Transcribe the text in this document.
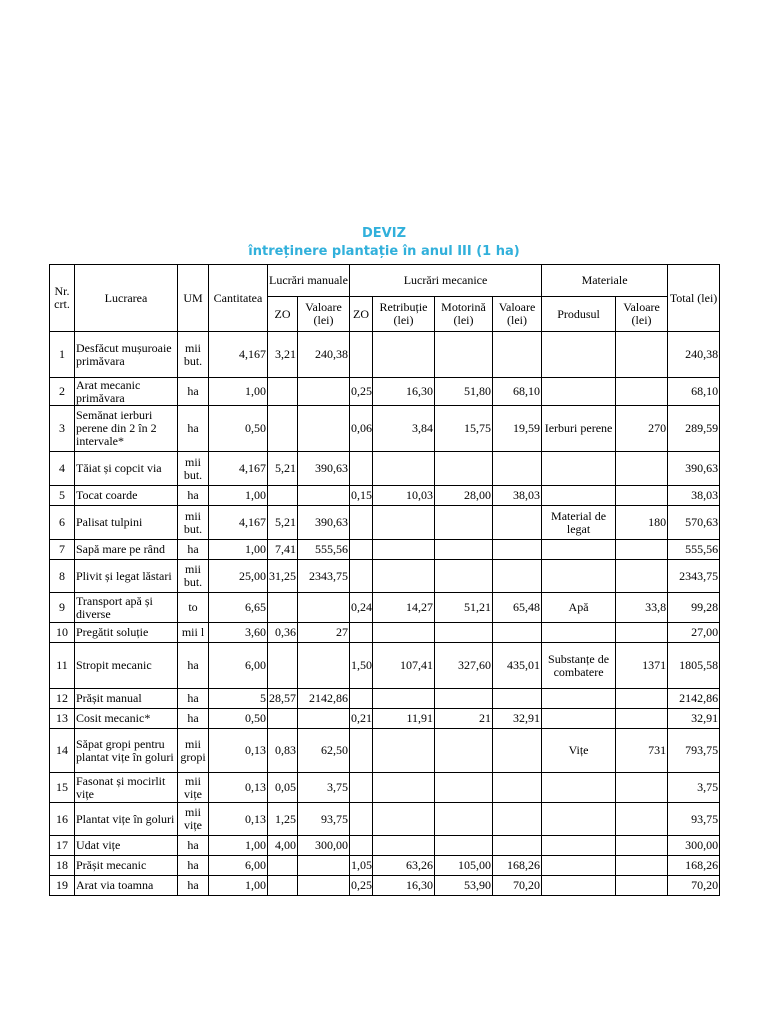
DEVIZ
întreținere plantație în anul III (1 ha)
Nr. crt.	Lucrarea	UM	Cantitatea	Lucrări manuale		Lucrări mecanice				Materiale		Total (lei)
				ZO	Valoare (lei)	ZO	Retribuție (lei)	Motorină (lei)	Valoare (lei)	Produsul	Valoare (lei)	
1	Desfăcut mușuroaie primăvara	mii but.	4,167	3,21	240,38							240,38
2	Arat mecanic primăvara	ha	1,00			0,25	16,30	51,80	68,10			68,10
3	Semănat ierburi perene din 2 în 2 intervale*	ha	0,50			0,06	3,84	15,75	19,59	Ierburi perene	270	289,59
4	Tăiat și copcit via	mii but.	4,167	5,21	390,63							390,63
5	Tocat coarde	ha	1,00			0,15	10,03	28,00	38,03			38,03
6	Palisat tulpini	mii but.	4,167	5,21	390,63					Material de legat	180	570,63
7	Sapă mare pe rând	ha	1,00	7,41	555,56							555,56
8	Plivit și legat lăstari	mii but.	25,00	31,25	2343,75							2343,75
9	Transport apă și diverse	to	6,65			0,24	14,27	51,21	65,48	Apă	33,8	99,28
10	Pregătit soluție	mii l	3,60	0,36	27							27,00
11	Stropit mecanic	ha	6,00			1,50	107,41	327,60	435,01	Substanțe de combatere	1371	1805,58
12	Prășit manual	ha	5	28,57	2142,86							2142,86
13	Cosit mecanic*	ha	0,50			0,21	11,91	21	32,91			32,91
14	Săpat gropi pentru plantat vițe în goluri	mii gropi	0,13	0,83	62,50					Vițe	731	793,75
15	Fasonat și mocirlit vițe	mii vițe	0,13	0,05	3,75							3,75
16	Plantat vițe în goluri	mii vițe	0,13	1,25	93,75							93,75
17	Udat vițe	ha	1,00	4,00	300,00							300,00
18	Prășit mecanic	ha	6,00			1,05	63,26	105,00	168,26			168,26
19	Arat via toamna	ha	1,00			0,25	16,30	53,90	70,20			70,20
